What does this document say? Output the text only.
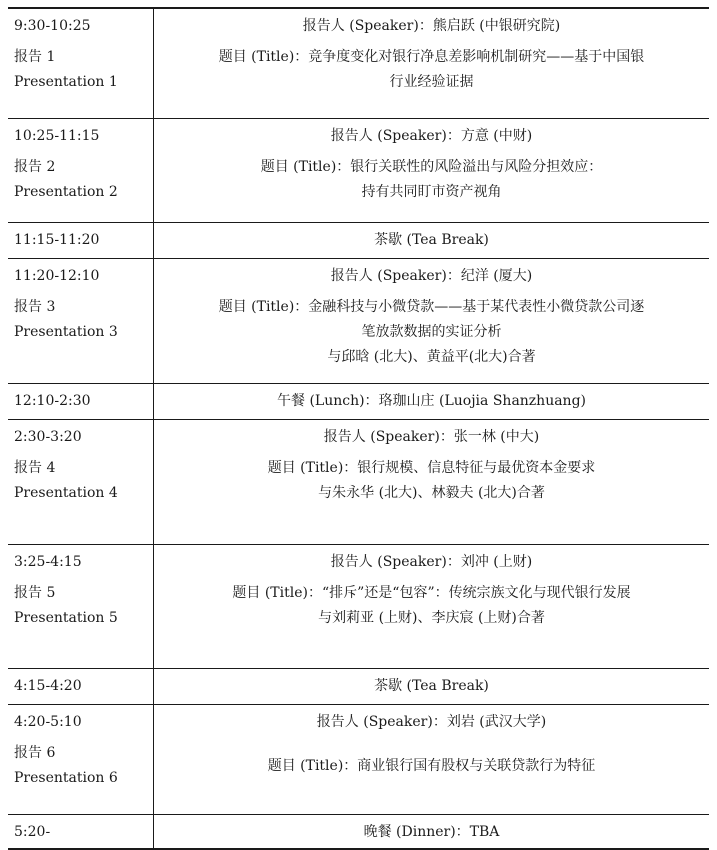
9:30-10:25
报告 1
Presentation 1	报告人 (Speaker)：熊启跃 (中银研究院)
题目 (Title)：竞争度变化对银行净息差影响机制研究——基于中国银
行业经验证据

10:25-11:15
报告 2
Presentation 2	报告人 (Speaker)：方意 (中财)
题目 (Title)：银行关联性的风险溢出与风险分担效应：
持有共同盯市资产视角

11:15-11:20	茶歇 (Tea Break)

11:20-12:10
报告 3
Presentation 3	报告人 (Speaker)：纪洋 (厦大)
题目 (Title)：金融科技与小微贷款——基于某代表性小微贷款公司逐
笔放款数据的实证分析
与邱晗 (北大)、黄益平(北大)合著

12:10-2:30	午餐 (Lunch)：珞珈山庄 (Luojia Shanzhuang)

2:30-3:20
报告 4
Presentation 4	报告人 (Speaker)：张一林 (中大)
题目 (Title)：银行规模、信息特征与最优资本金要求
与朱永华 (北大)、林毅夫 (北大)合著

3:25-4:15
报告 5
Presentation 5	报告人 (Speaker)：刘冲 (上财)
题目 (Title)：“排斥”还是“包容”：传统宗族文化与现代银行发展
与刘莉亚 (上财)、李庆宸 (上财)合著

4:15-4:20	茶歇 (Tea Break)

4:20-5:10
报告 6
Presentation 6	报告人 (Speaker)：刘岩 (武汉大学)
题目 (Title)：商业银行国有股权与关联贷款行为特征

5:20-	晚餐 (Dinner)：TBA
